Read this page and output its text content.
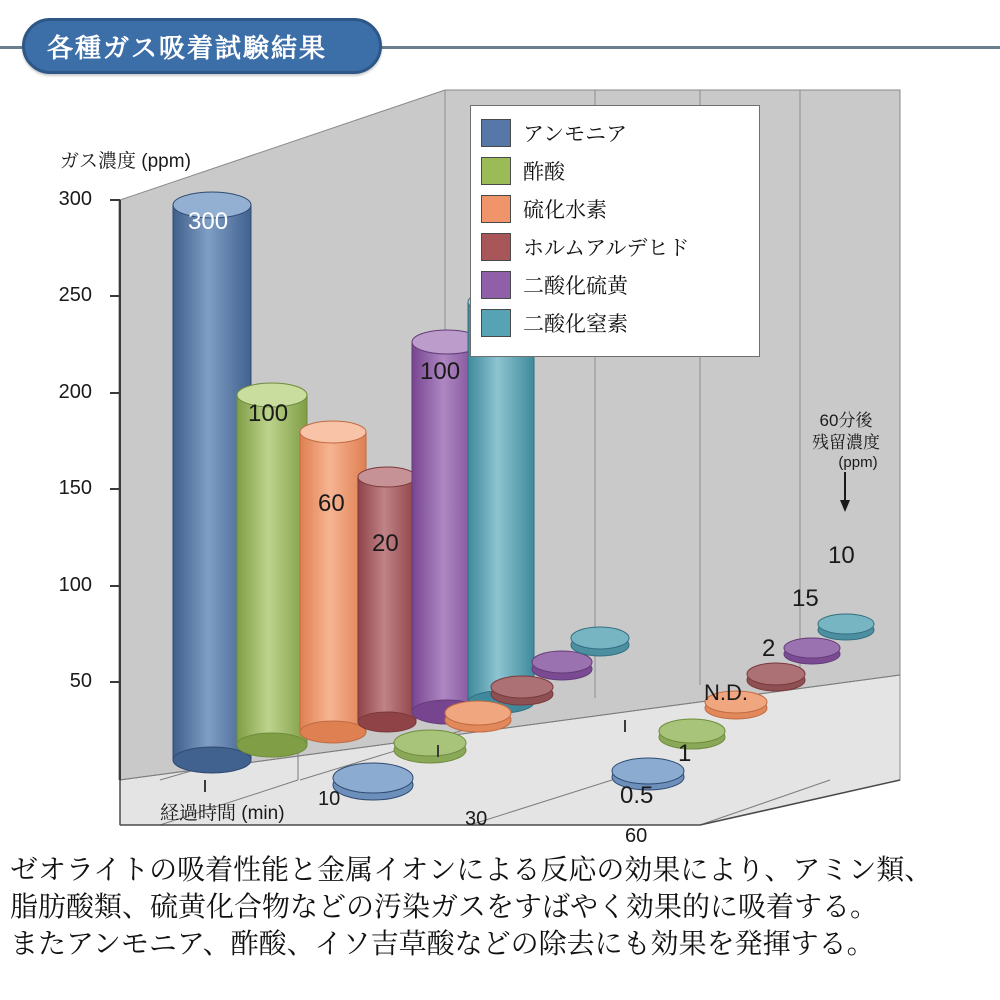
各種ガス吸着試験結果
ガス濃度 (ppm)
経過時間 (min)
300
250
200
150
100
50
10
30
60
300
100
60
20
100
0.5
1
N.D.
2
15
10
60分後
残留濃度
(ppm)
アンモニア
酢酸
硫化水素
ホルムアルデヒド
二酸化硫黄
二酸化窒素
ゼオライトの吸着性能と金属イオンによる反応の効果により、アミン類、
脂肪酸類、硫黄化合物などの汚染ガスをすばやく効果的に吸着する。
またアンモニア、酢酸、イソ吉草酸などの除去にも効果を発揮する。
